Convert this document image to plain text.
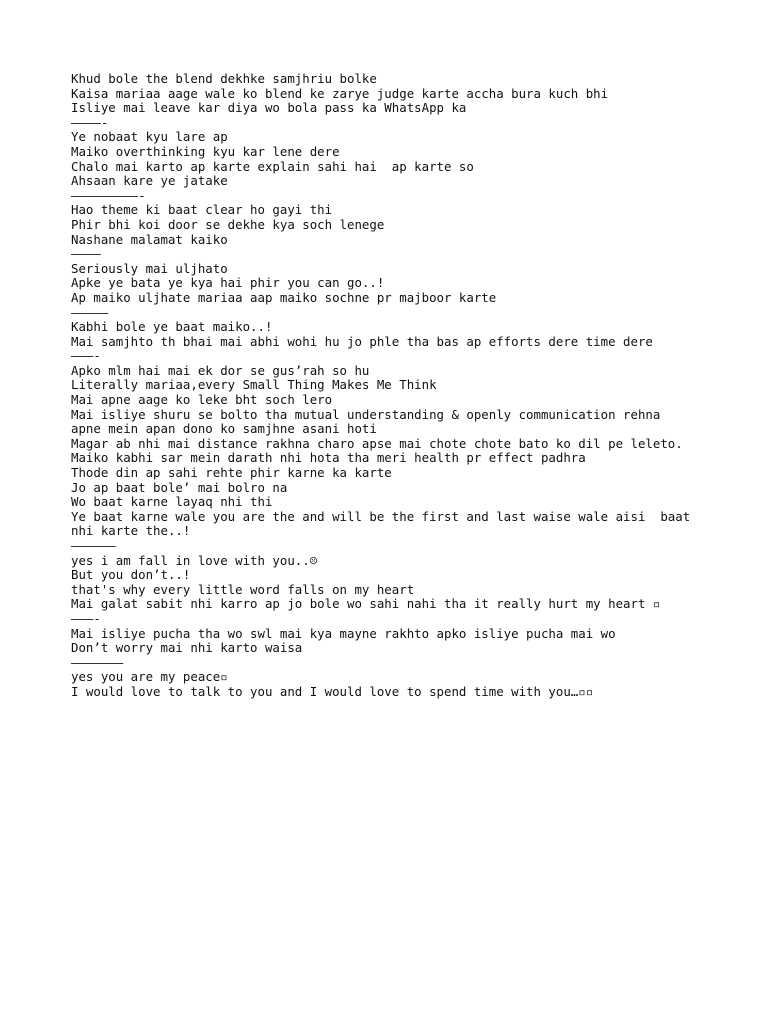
Khud bole the blend dekhke samjhriu bolke
Kaisa mariaa aage wale ko blend ke zarye judge karte accha bura kuch bhi
Isliye mai leave kar diya wo bola pass ka WhatsApp ka
————-
Ye nobaat kyu lare ap
Maiko overthinking kyu kar lene dere
Chalo mai karto ap karte explain sahi hai  ap karte so
Ahsaan kare ye jatake
—————————-
Hao theme ki baat clear ho gayi thi
Phir bhi koi door se dekhe kya soch lenege
Nashane malamat kaiko
————
Seriously mai uljhato
Apke ye bata ye kya hai phir you can go..!
Ap maiko uljhate mariaa aap maiko sochne pr majboor karte
—————
Kabhi bole ye baat maiko..!
Mai samjhto th bhai mai abhi wohi hu jo phle tha bas ap efforts dere time dere
———-
Apko mlm hai mai ek dor se gus’rah so hu
Literally mariaa,every Small Thing Makes Me Think
Mai apne aage ko leke bht soch lero
Mai isliye shuru se bolto tha mutual understanding & openly communication rehna
apne mein apan dono ko samjhne asani hoti
Magar ab nhi mai distance rakhna charo apse mai chote chote bato ko dil pe leleto.
Maiko kabhi sar mein darath nhi hota tha meri health pr effect padhra
Thode din ap sahi rehte phir karne ka karte
Jo ap baat bole’ mai bolro na
Wo baat karne layaq nhi thi
Ye baat karne wale you are the and will be the first and last waise wale aisi  baat nhi karte the..!
——————
yes i am fall in love with you..☹
But you don’t..!
that's why every little word falls on my heart
Mai galat sabit nhi karro ap jo bole wo sahi nahi tha it really hurt my heart ▫
———-
Mai isliye pucha tha wo swl mai kya mayne rakhto apko isliye pucha mai wo
Don’t worry mai nhi karto waisa
———————
yes you are my peace▫
I would love to talk to you and I would love to spend time with you…▫▫
